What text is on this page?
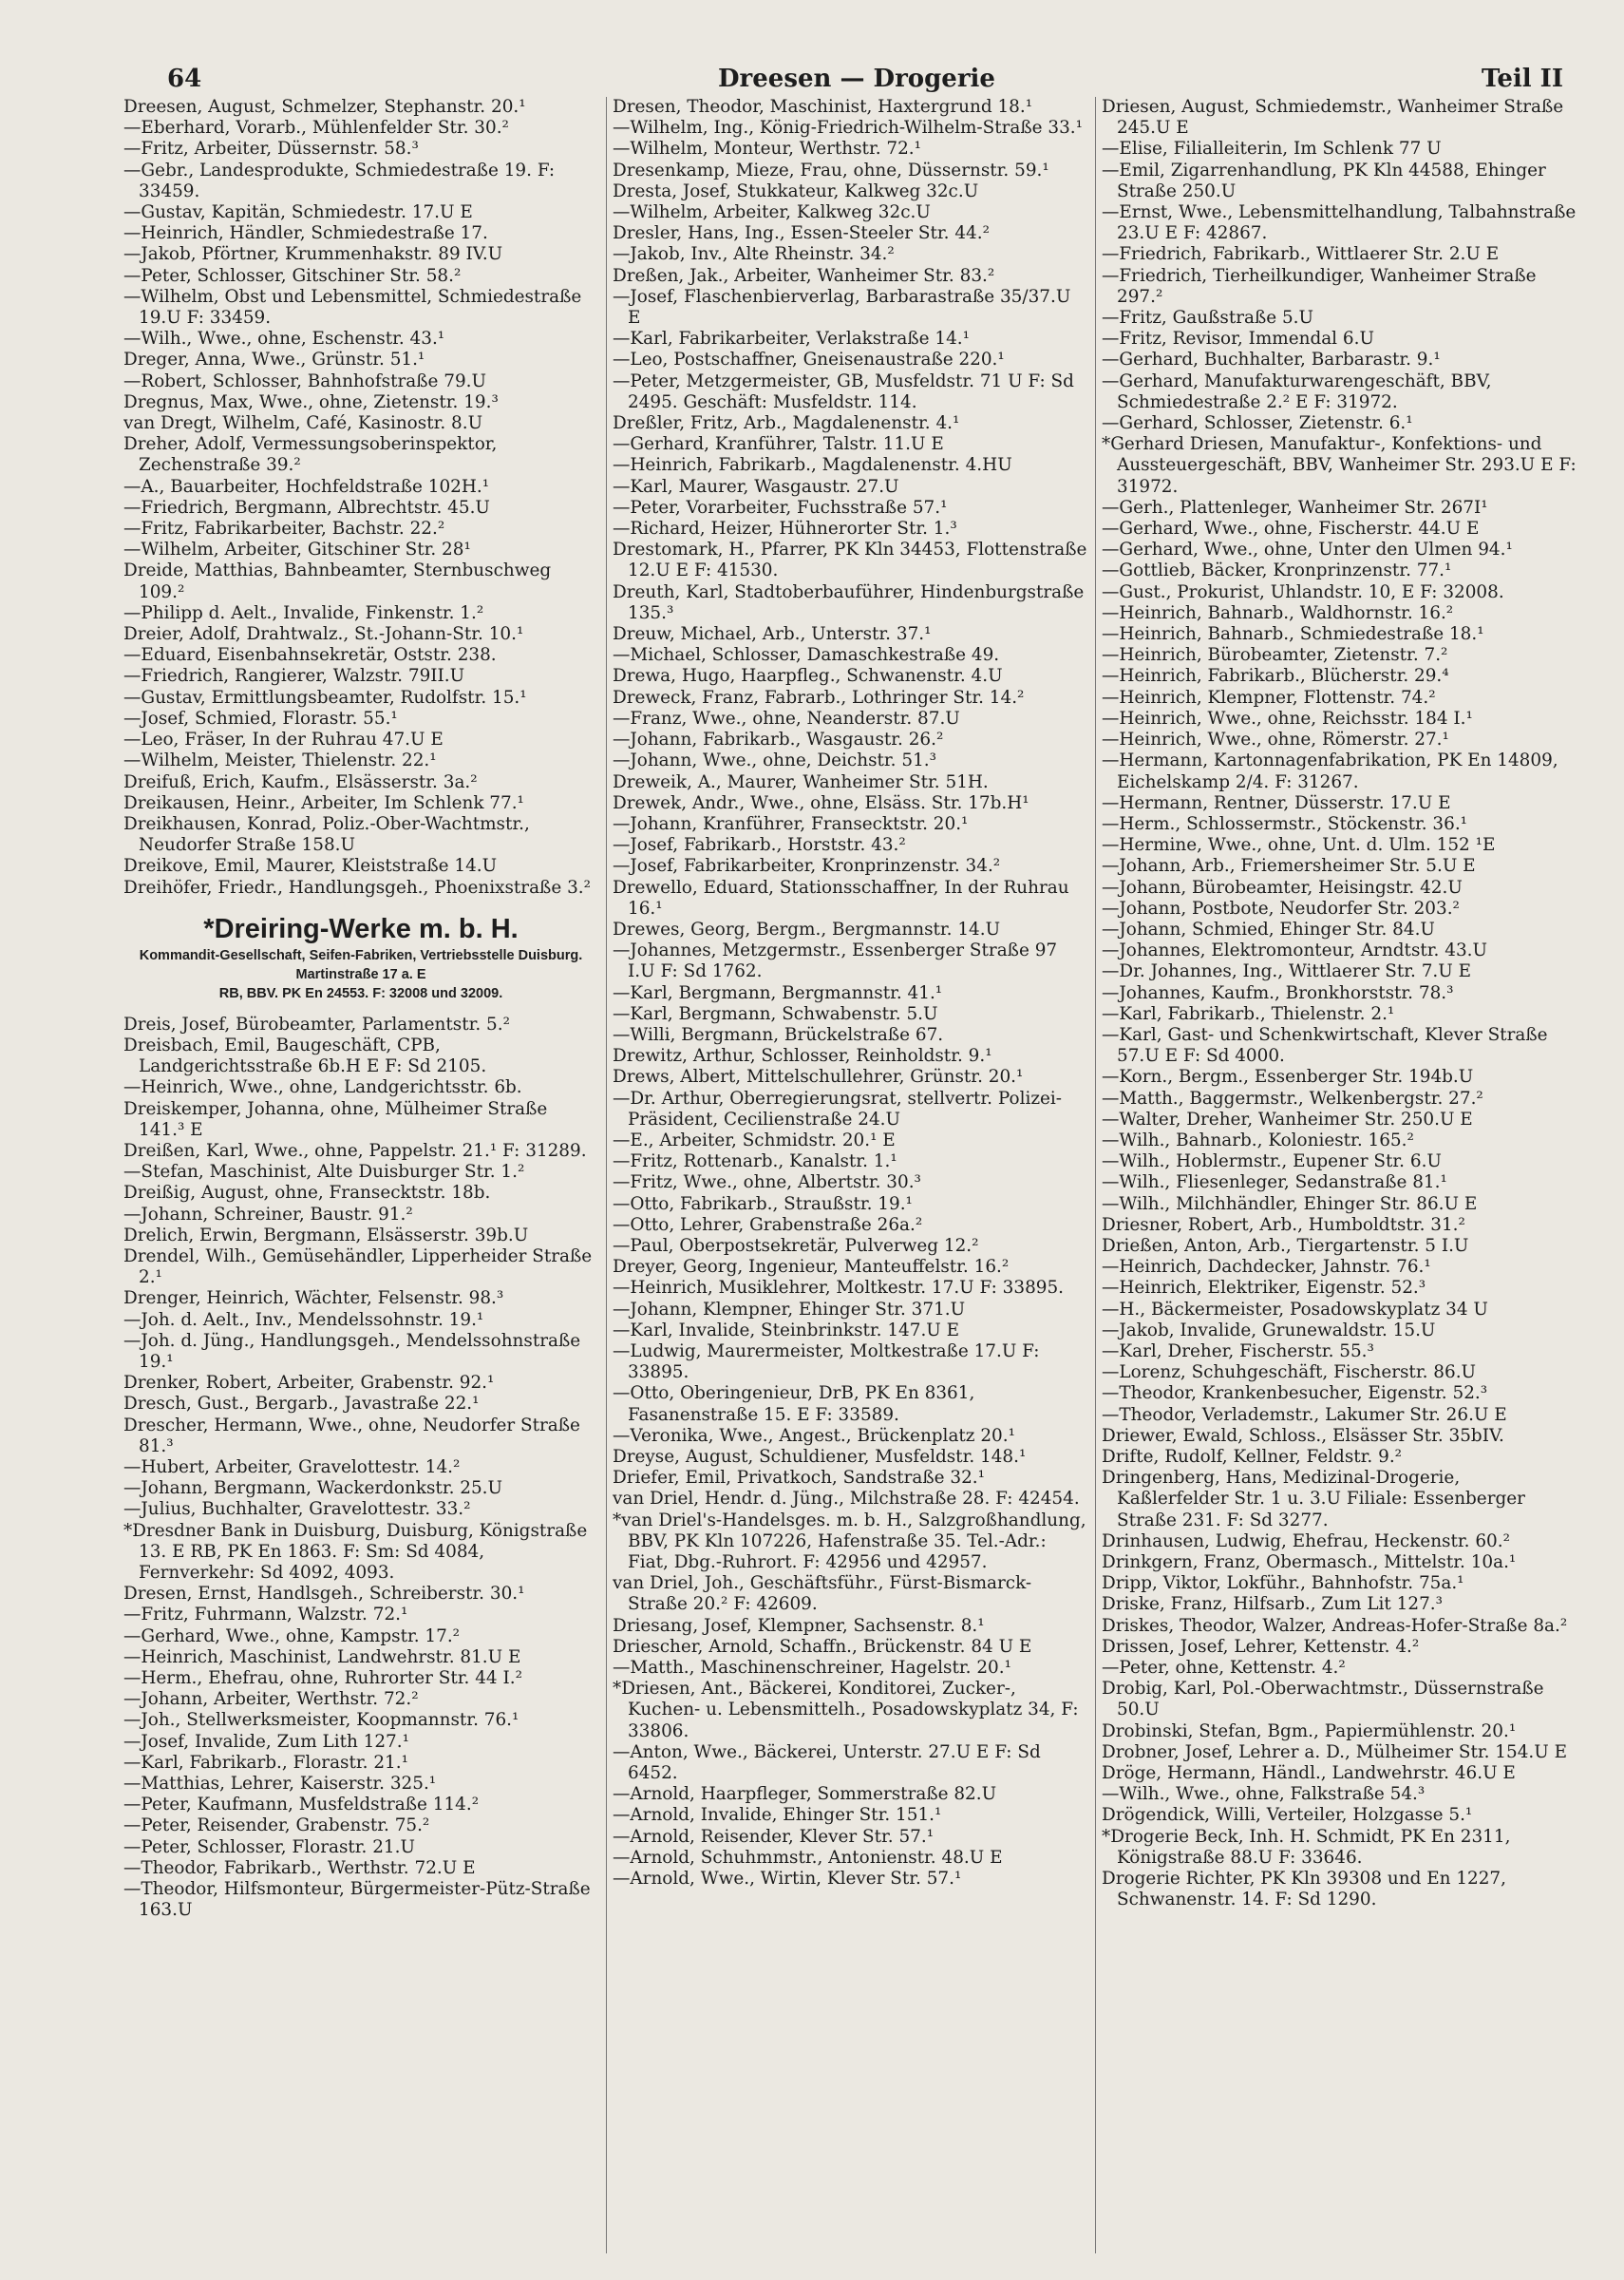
64	Dreesen — Drogerie	Teil II

Dreesen, August, Schmelzer, Stephanstr. 20.¹

—Eberhard, Vorarb., Mühlenfelder Str. 30.²

—Fritz, Arbeiter, Düssernstr. 58.³

—Gebr., Landesprodukte, Schmiedestraße 19. F: 33459.

—Gustav, Kapitän, Schmiedestr. 17.U E

—Heinrich, Händler, Schmiedestraße 17.

—Jakob, Pförtner, Krummenhakstr. 89 IV.U

—Peter, Schlosser, Gitschiner Str. 58.²

—Wilhelm, Obst und Lebensmittel, Schmiedestraße 19.U F: 33459.

—Wilh., Wwe., ohne, Eschenstr. 43.¹

Dreger, Anna, Wwe., Grünstr. 51.¹

—Robert, Schlosser, Bahnhofstraße 79.U

Dregnus, Max, Wwe., ohne, Zietenstr. 19.³

van Dregt, Wilhelm, Café, Kasinostr. 8.U

Dreher, Adolf, Vermessungsoberinspektor, Zechenstraße 39.²

—A., Bauarbeiter, Hochfeldstraße 102H.¹

—Friedrich, Bergmann, Albrechtstr. 45.U

—Fritz, Fabrikarbeiter, Bachstr. 22.²

—Wilhelm, Arbeiter, Gitschiner Str. 28¹

Dreide, Matthias, Bahnbeamter, Sternbuschweg 109.²

—Philipp d. Aelt., Invalide, Finkenstr. 1.²

Dreier, Adolf, Drahtwalz., St.-Johann-Str. 10.¹

—Eduard, Eisenbahnsekretär, Oststr. 238.

—Friedrich, Rangierer, Walzstr. 79II.U

—Gustav, Ermittlungsbeamter, Rudolfstr. 15.¹

—Josef, Schmied, Florastr. 55.¹

—Leo, Fräser, In der Ruhrau 47.U E

—Wilhelm, Meister, Thielenstr. 22.¹

Dreifuß, Erich, Kaufm., Elsässerstr. 3a.²

Dreikausen, Heinr., Arbeiter, Im Schlenk 77.¹

Dreikhausen, Konrad, Poliz.-Ober-Wachtmstr., Neudorfer Straße 158.U

Dreikove, Emil, Maurer, Kleiststraße 14.U

Dreihöfer, Friedr., Handlungsgeh., Phoenixstraße 3.²

*Dreiring-Werke m. b. H.
Kommandit-Gesellschaft, Seifen-Fabriken, Vertriebsstelle Duisburg. Martinstraße 17 a. E
RB, BBV. PK En 24553. F: 32008 und 32009.

Dreis, Josef, Bürobeamter, Parlamentstr. 5.²

Dreisbach, Emil, Baugeschäft, CPB, Landgerichtsstraße 6b.H E F: Sd 2105.

—Heinrich, Wwe., ohne, Landgerichtsstr. 6b.

Dreiskemper, Johanna, ohne, Mülheimer Straße 141.³ E

Dreißen, Karl, Wwe., ohne, Pappelstr. 21.¹ F: 31289.

—Stefan, Maschinist, Alte Duisburger Str. 1.²

Dreißig, August, ohne, Fransecktstr. 18b.

—Johann, Schreiner, Baustr. 91.²

Drelich, Erwin, Bergmann, Elsässerstr. 39b.U

Drendel, Wilh., Gemüsehändler, Lipperheider Straße 2.¹

Drenger, Heinrich, Wächter, Felsenstr. 98.³

—Joh. d. Aelt., Inv., Mendelssohnstr. 19.¹

—Joh. d. Jüng., Handlungsgeh., Mendelssohnstraße 19.¹

Drenker, Robert, Arbeiter, Grabenstr. 92.¹

Dresch, Gust., Bergarb., Javastraße 22.¹

Drescher, Hermann, Wwe., ohne, Neudorfer Straße 81.³

—Hubert, Arbeiter, Gravelottestr. 14.²

—Johann, Bergmann, Wackerdonkstr. 25.U

—Julius, Buchhalter, Gravelottestr. 33.²

*Dresdner Bank in Duisburg, Duisburg, Königstraße 13. E RB, PK En 1863. F: Sm: Sd 4084, Fernverkehr: Sd 4092, 4093.

Dresen, Ernst, Handlsgeh., Schreiberstr. 30.¹

—Fritz, Fuhrmann, Walzstr. 72.¹

—Gerhard, Wwe., ohne, Kampstr. 17.²

—Heinrich, Maschinist, Landwehrstr. 81.U E

—Herm., Ehefrau, ohne, Ruhrorter Str. 44 I.²

—Johann, Arbeiter, Werthstr. 72.²

—Joh., Stellwerksmeister, Koopmannstr. 76.¹

—Josef, Invalide, Zum Lith 127.¹

—Karl, Fabrikarb., Florastr. 21.¹

—Matthias, Lehrer, Kaiserstr. 325.¹

—Peter, Kaufmann, Musfeldstraße 114.²

—Peter, Reisender, Grabenstr. 75.²

—Peter, Schlosser, Florastr. 21.U

—Theodor, Fabrikarb., Werthstr. 72.U E

—Theodor, Hilfsmonteur, Bürgermeister-Pütz-Straße 163.U

Dresen, Theodor, Maschinist, Haxtergrund 18.¹

—Wilhelm, Ing., König-Friedrich-Wilhelm-Straße 33.¹

—Wilhelm, Monteur, Werthstr. 72.¹

Dresenkamp, Mieze, Frau, ohne, Düssernstr. 59.¹

Dresta, Josef, Stukkateur, Kalkweg 32c.U

—Wilhelm, Arbeiter, Kalkweg 32c.U

Dresler, Hans, Ing., Essen-Steeler Str. 44.²

—Jakob, Inv., Alte Rheinstr. 34.²

Dreßen, Jak., Arbeiter, Wanheimer Str. 83.²

—Josef, Flaschenbierverlag, Barbarastraße 35/37.U E

—Karl, Fabrikarbeiter, Verlakstraße 14.¹

—Leo, Postschaffner, Gneisenaustraße 220.¹

—Peter, Metzgermeister, GB, Musfeldstr. 71 U F: Sd 2495. Geschäft: Musfeldstr. 114.

Dreßler, Fritz, Arb., Magdalenenstr. 4.¹

—Gerhard, Kranführer, Talstr. 11.U E

—Heinrich, Fabrikarb., Magdalenenstr. 4.HU

—Karl, Maurer, Wasgaustr. 27.U

—Peter, Vorarbeiter, Fuchsstraße 57.¹

—Richard, Heizer, Hühnerorter Str. 1.³

Drestomark, H., Pfarrer, PK Kln 34453, Flottenstraße 12.U E F: 41530.

Dreuth, Karl, Stadtoberbauführer, Hindenburgstraße 135.³

Dreuw, Michael, Arb., Unterstr. 37.¹

—Michael, Schlosser, Damaschkestraße 49.

Drewa, Hugo, Haarpfleg., Schwanenstr. 4.U

Dreweck, Franz, Fabrarb., Lothringer Str. 14.²

—Franz, Wwe., ohne, Neanderstr. 87.U

—Johann, Fabrikarb., Wasgaustr. 26.²

—Johann, Wwe., ohne, Deichstr. 51.³

Dreweik, A., Maurer, Wanheimer Str. 51H.

Drewek, Andr., Wwe., ohne, Elsäss. Str. 17b.H¹

—Johann, Kranführer, Fransecktstr. 20.¹

—Josef, Fabrikarb., Horststr. 43.²

—Josef, Fabrikarbeiter, Kronprinzenstr. 34.²

Drewello, Eduard, Stationsschaffner, In der Ruhrau 16.¹

Drewes, Georg, Bergm., Bergmannstr. 14.U

—Johannes, Metzgermstr., Essenberger Straße 97 I.U F: Sd 1762.

—Karl, Bergmann, Bergmannstr. 41.¹

—Karl, Bergmann, Schwabenstr. 5.U

—Willi, Bergmann, Brückelstraße 67.

Drewitz, Arthur, Schlosser, Reinholdstr. 9.¹

Drews, Albert, Mittelschullehrer, Grünstr. 20.¹

—Dr. Arthur, Oberregierungsrat, stellvertr. Polizei-Präsident, Cecilienstraße 24.U

—E., Arbeiter, Schmidstr. 20.¹ E

—Fritz, Rottenarb., Kanalstr. 1.¹

—Fritz, Wwe., ohne, Albertstr. 30.³

—Otto, Fabrikarb., Straußstr. 19.¹

—Otto, Lehrer, Grabenstraße 26a.²

—Paul, Oberpostsekretär, Pulverweg 12.²

Dreyer, Georg, Ingenieur, Manteuffelstr. 16.²

—Heinrich, Musiklehrer, Moltkestr. 17.U F: 33895.

—Johann, Klempner, Ehinger Str. 371.U

—Karl, Invalide, Steinbrinkstr. 147.U E

—Ludwig, Maurermeister, Moltkestraße 17.U F: 33895.

—Otto, Oberingenieur, DrB, PK En 8361, Fasanenstraße 15. E F: 33589.

—Veronika, Wwe., Angest., Brückenplatz 20.¹

Dreyse, August, Schuldiener, Musfeldstr. 148.¹

Driefer, Emil, Privatkoch, Sandstraße 32.¹

van Driel, Hendr. d. Jüng., Milchstraße 28. F: 42454.

*van Driel's-Handelsges. m. b. H., Salzgroßhandlung, BBV, PK Kln 107226, Hafenstraße 35. Tel.-Adr.: Fiat, Dbg.-Ruhrort. F: 42956 und 42957.

van Driel, Joh., Geschäftsführ., Fürst-Bismarck-Straße 20.² F: 42609.

Driesang, Josef, Klempner, Sachsenstr. 8.¹

Driescher, Arnold, Schaffn., Brückenstr. 84 U E

—Matth., Maschinenschreiner, Hagelstr. 20.¹

*Driesen, Ant., Bäckerei, Konditorei, Zucker-, Kuchen- u. Lebensmittelh., Posadowskyplatz 34, F: 33806.

—Anton, Wwe., Bäckerei, Unterstr. 27.U E F: Sd 6452.

—Arnold, Haarpfleger, Sommerstraße 82.U

—Arnold, Invalide, Ehinger Str. 151.¹

—Arnold, Reisender, Klever Str. 57.¹

—Arnold, Schuhmmstr., Antonienstr. 48.U E

—Arnold, Wwe., Wirtin, Klever Str. 57.¹

Driesen, August, Schmiedemstr., Wanheimer Straße 245.U E

—Elise, Filialleiterin, Im Schlenk 77 U

—Emil, Zigarrenhandlung, PK Kln 44588, Ehinger Straße 250.U

—Ernst, Wwe., Lebensmittelhandlung, Talbahnstraße 23.U E F: 42867.

—Friedrich, Fabrikarb., Wittlaerer Str. 2.U E

—Friedrich, Tierheilkundiger, Wanheimer Straße 297.²

—Fritz, Gaußstraße 5.U

—Fritz, Revisor, Immendal 6.U

—Gerhard, Buchhalter, Barbarastr. 9.¹

—Gerhard, Manufakturwarengeschäft, BBV, Schmiedestraße 2.² E F: 31972.

—Gerhard, Schlosser, Zietenstr. 6.¹

*Gerhard Driesen, Manufaktur-, Konfektions- und Aussteuergeschäft, BBV, Wanheimer Str. 293.U E F: 31972.

—Gerh., Plattenleger, Wanheimer Str. 267I¹

—Gerhard, Wwe., ohne, Fischerstr. 44.U E

—Gerhard, Wwe., ohne, Unter den Ulmen 94.¹

—Gottlieb, Bäcker, Kronprinzenstr. 77.¹

—Gust., Prokurist, Uhlandstr. 10, E F: 32008.

—Heinrich, Bahnarb., Waldhornstr. 16.²

—Heinrich, Bahnarb., Schmiedestraße 18.¹

—Heinrich, Bürobeamter, Zietenstr. 7.²

—Heinrich, Fabrikarb., Blücherstr. 29.⁴

—Heinrich, Klempner, Flottenstr. 74.²

—Heinrich, Wwe., ohne, Reichsstr. 184 I.¹

—Heinrich, Wwe., ohne, Römerstr. 27.¹

—Hermann, Kartonnagenfabrikation, PK En 14809, Eichelskamp 2/4. F: 31267.

—Hermann, Rentner, Düsserstr. 17.U E

—Herm., Schlossermstr., Stöckenstr. 36.¹

—Hermine, Wwe., ohne, Unt. d. Ulm. 152 ¹E

—Johann, Arb., Friemersheimer Str. 5.U E

—Johann, Bürobeamter, Heisingstr. 42.U

—Johann, Postbote, Neudorfer Str. 203.²

—Johann, Schmied, Ehinger Str. 84.U

—Johannes, Elektromonteur, Arndtstr. 43.U

—Dr. Johannes, Ing., Wittlaerer Str. 7.U E

—Johannes, Kaufm., Bronkhorststr. 78.³

—Karl, Fabrikarb., Thielenstr. 2.¹

—Karl, Gast- und Schenkwirtschaft, Klever Straße 57.U E F: Sd 4000.

—Korn., Bergm., Essenberger Str. 194b.U

—Matth., Baggermstr., Welkenbergstr. 27.²

—Walter, Dreher, Wanheimer Str. 250.U E

—Wilh., Bahnarb., Koloniestr. 165.²

—Wilh., Hoblermstr., Eupener Str. 6.U

—Wilh., Fliesenleger, Sedanstraße 81.¹

—Wilh., Milchhändler, Ehinger Str. 86.U E

Driesner, Robert, Arb., Humboldtstr. 31.²

Drießen, Anton, Arb., Tiergartenstr. 5 I.U

—Heinrich, Dachdecker, Jahnstr. 76.¹

—Heinrich, Elektriker, Eigenstr. 52.³

—H., Bäckermeister, Posadowskyplatz 34 U

—Jakob, Invalide, Grunewaldstr. 15.U

—Karl, Dreher, Fischerstr. 55.³

—Lorenz, Schuhgeschäft, Fischerstr. 86.U

—Theodor, Krankenbesucher, Eigenstr. 52.³

—Theodor, Verlademstr., Lakumer Str. 26.U E

Driewer, Ewald, Schloss., Elsässer Str. 35bIV.

Drifte, Rudolf, Kellner, Feldstr. 9.²

Dringenberg, Hans, Medizinal-Drogerie, Kaßlerfelder Str. 1 u. 3.U Filiale: Essenberger Straße 231. F: Sd 3277.

Drinhausen, Ludwig, Ehefrau, Heckenstr. 60.²

Drinkgern, Franz, Obermasch., Mittelstr. 10a.¹

Dripp, Viktor, Lokführ., Bahnhofstr. 75a.¹

Driske, Franz, Hilfsarb., Zum Lit 127.³

Driskes, Theodor, Walzer, Andreas-Hofer-Straße 8a.²

Drissen, Josef, Lehrer, Kettenstr. 4.²

—Peter, ohne, Kettenstr. 4.²

Drobig, Karl, Pol.-Oberwachtmstr., Düssernstraße 50.U

Drobinski, Stefan, Bgm., Papiermühlenstr. 20.¹

Drobner, Josef, Lehrer a. D., Mülheimer Str. 154.U E

Dröge, Hermann, Händl., Landwehrstr. 46.U E

—Wilh., Wwe., ohne, Falkstraße 54.³

Drögendick, Willi, Verteiler, Holzgasse 5.¹

*Drogerie Beck, Inh. H. Schmidt, PK En 2311, Königstraße 88.U F: 33646.

Drogerie Richter, PK Kln 39308 und En 1227, Schwanenstr. 14. F: Sd 1290.
